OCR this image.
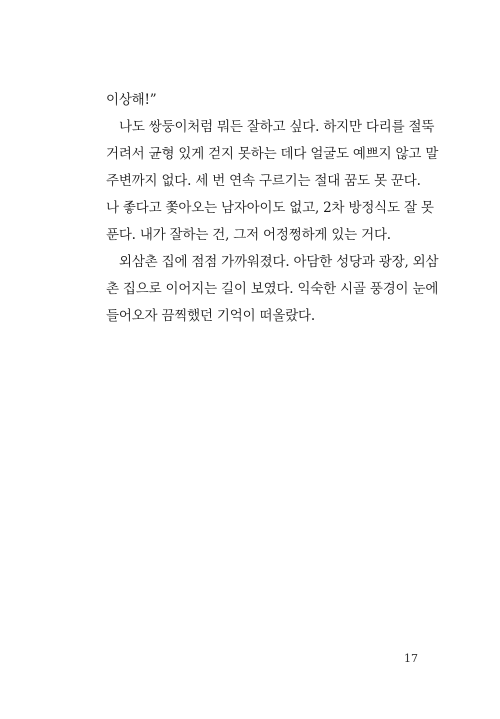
이상해!”
나도 쌍둥이처럼 뭐든 잘하고 싶다. 하지만 다리를 절뚝
거려서 균형 있게 걷지 못하는 데다 얼굴도 예쁘지 않고 말
주변까지 없다. 세 번 연속 구르기는 절대 꿈도 못 꾼다.
나 좋다고 쫓아오는 남자아이도 없고, 2차 방정식도 잘 못
푼다. 내가 잘하는 건, 그저 어정쩡하게 있는 거다.
외삼촌 집에 점점 가까워졌다. 아담한 성당과 광장, 외삼
촌 집으로 이어지는 길이 보였다. 익숙한 시골 풍경이 눈에
들어오자 끔찍했던 기억이 떠올랐다.
17
